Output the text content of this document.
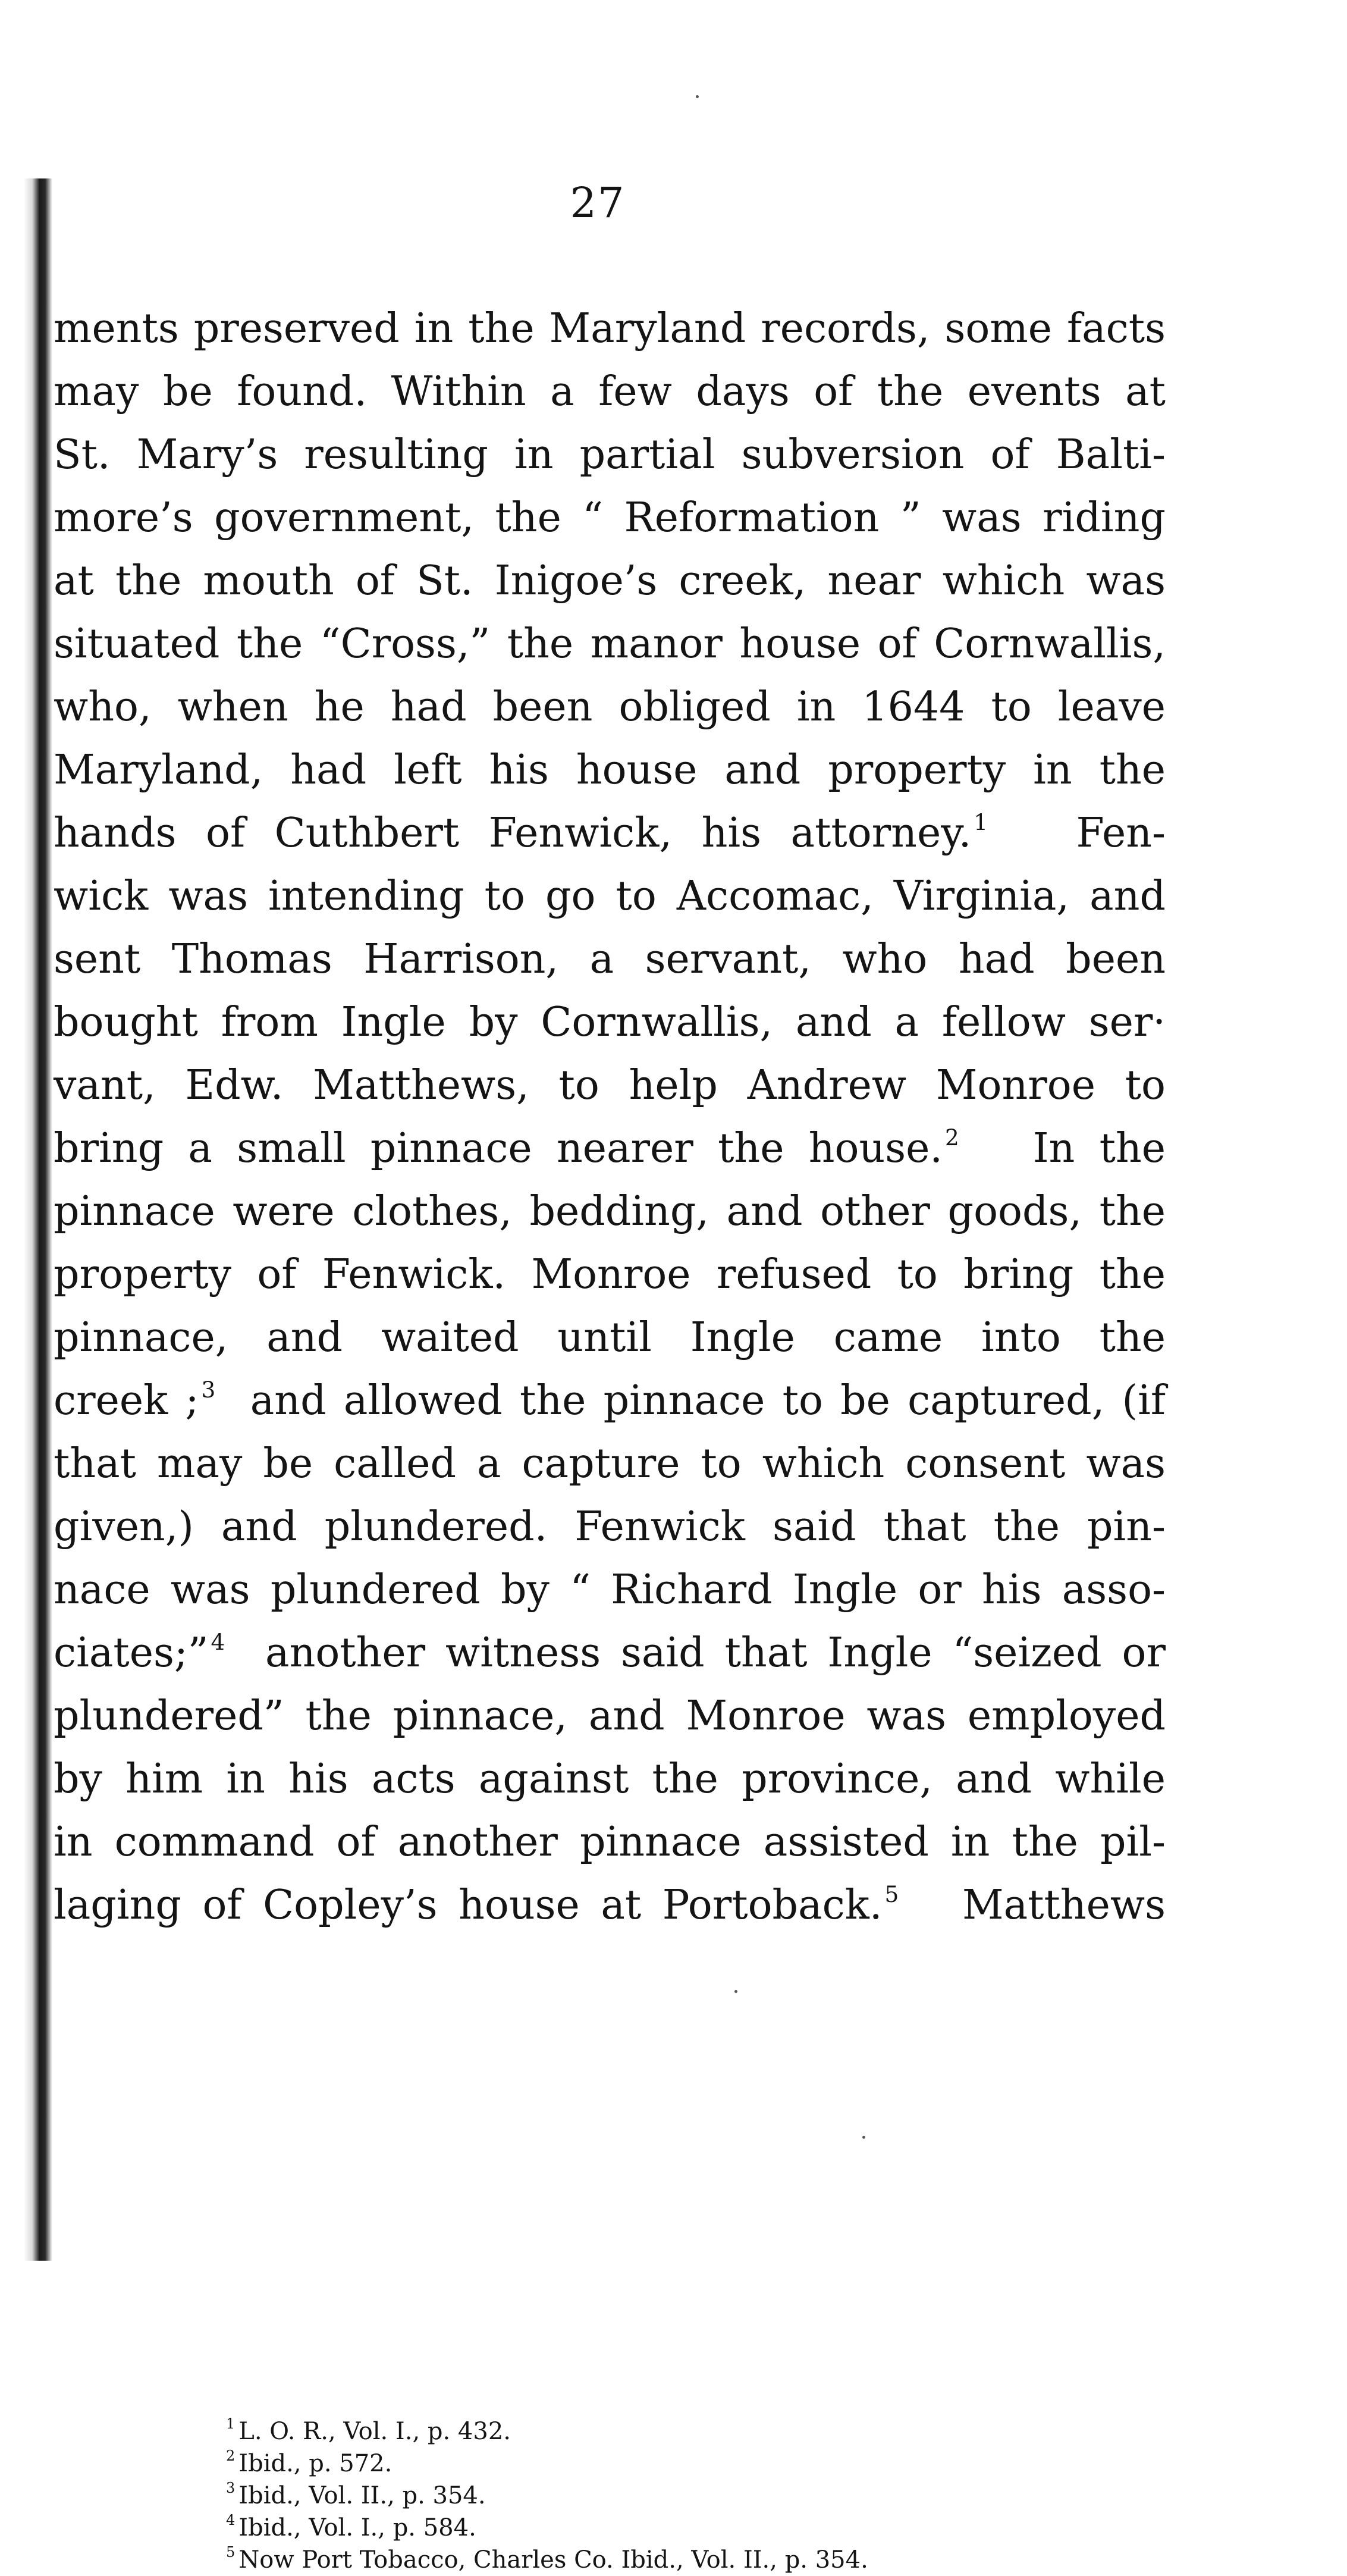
27
ments preserved in the Maryland records, some facts
may be found. Within a few days of the events at
St. Mary’s resulting in partial subversion of Balti-
more’s government, the “ Reformation ” was riding
at the mouth of St. Inigoe’s creek, near which was
situated the “Cross,” the manor house of Cornwallis,
who, when he had been obliged in 1644 to leave
Maryland, had left his house and property in the
hands of Cuthbert Fenwick, his attorney. $^1$ Fen-
wick was intending to go to Accomac, Virginia, and
sent Thomas Harrison, a servant, who had been
bought from Ingle by Cornwallis, and a fellow ser·
vant, Edw. Matthews, to help Andrew Monroe to
bring a small pinnace nearer the house. $^2$ In the
pinnace were clothes, bedding, and other goods, the
property of Fenwick. Monroe refused to bring the
pinnace, and waited until Ingle came into the
creek ; $^3$ and allowed the pinnace to be captured, (if
that may be called a capture to which consent was
given,) and plundered. Fenwick said that the pin-
nace was plundered by “ Richard Ingle or his asso-
ciates;” $^4$ another witness said that Ingle “seized or
plundered” the pinnace, and Monroe was employed
by him in his acts against the province, and while
in command of another pinnace assisted in the pil-
laging of Copley’s house at Portoback. $^5$ Matthews
$^1$ L. O. R., Vol. I., p. 432.
$^2$ Ibid., p. 572.
$^3$ Ibid., Vol. II., p. 354.
$^4$ Ibid., Vol. I., p. 584.
$^5$ Now Port Tobacco, Charles Co. Ibid., Vol. II., p. 354.
